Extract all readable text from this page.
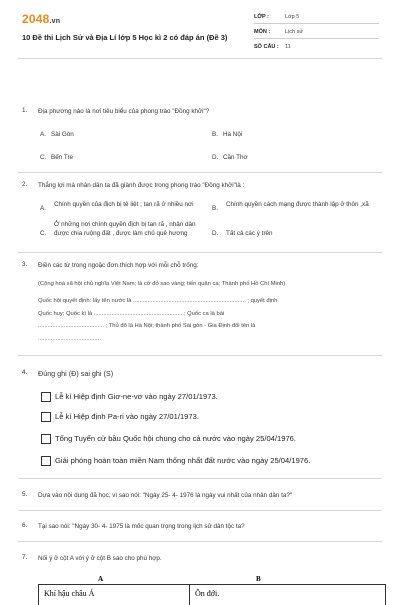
2048.vn
10 Đề thi Lịch Sử và Địa Lí lớp 5 Học kì 2 có đáp án (Đề 3)
LỚP :	Lớp 5
MÔN :	Lịch sử
SỐ CÂU : 11
1. Địa phương nào là nơi tiêu biểu của phong trào "Đồng khởi"?
A. Sài Gòn	B. Hà Nội
C. Bến Tre	D. Cần Thơ
2. Thắng lợi mà nhân dân ta đã giành được trong phong trào "Đồng khởi"là :
A.
Chính quyền của địch bị tê liệt ; tan rã ở nhiều nơi
B.
Chính quyền cách mạng được thành lập ở thôn ,xã
C.
Ở những nơi chính quyền địch bị tan rã , nhân dân được chia ruộng đất , được làm chủ quê hương	D. Tất cả các ý trên
3. Điền các từ trong ngoặc đơn thích hợp với mỗi chỗ trống:
(Cộng hoà xã hội chủ nghĩa Việt Nam; lá cờ đỏ sao vàng; tiến quân ca; Thành phố Hồ Chí Minh)
Quốc hội quyết định: lấy tên nước là ...................................................................... ; quyết định
Quốc huy; Quốc kì là ....................................................... ; Quốc ca là bài
......................................... ; Thủ đô là Hà Nội; thành phố Sài gòn - Gia Định đổi tên là
.......................................
4. Đúng ghi (Đ) sai ghi (S)
Lễ kí Hiệp định Giơ-ne-vơ vào ngày 27/01/1973.
Lễ kí Hiệp định Pa-ri vào ngày 27/01/1973.
Tổng Tuyển cử bầu Quốc hội chung cho cả nước vào ngày 25/04/1976.
Giải phóng hoàn toàn miền Nam thống nhất đất nước vào ngày 25/04/1976.
5. Dựa vào nội dung đã học, vì sao nói: "Ngày 25- 4- 1976 là ngày vui nhất của nhân dân ta?"
6. Tại sao nói: "Ngày 30- 4- 1975 là mốc quan trọng trong lịch sử dân tộc ta?
7. Nối ý ở cột A với ý ở cột B sao cho phù hợp.
A	B
Khí hậu châu Á	Ôn đới.
